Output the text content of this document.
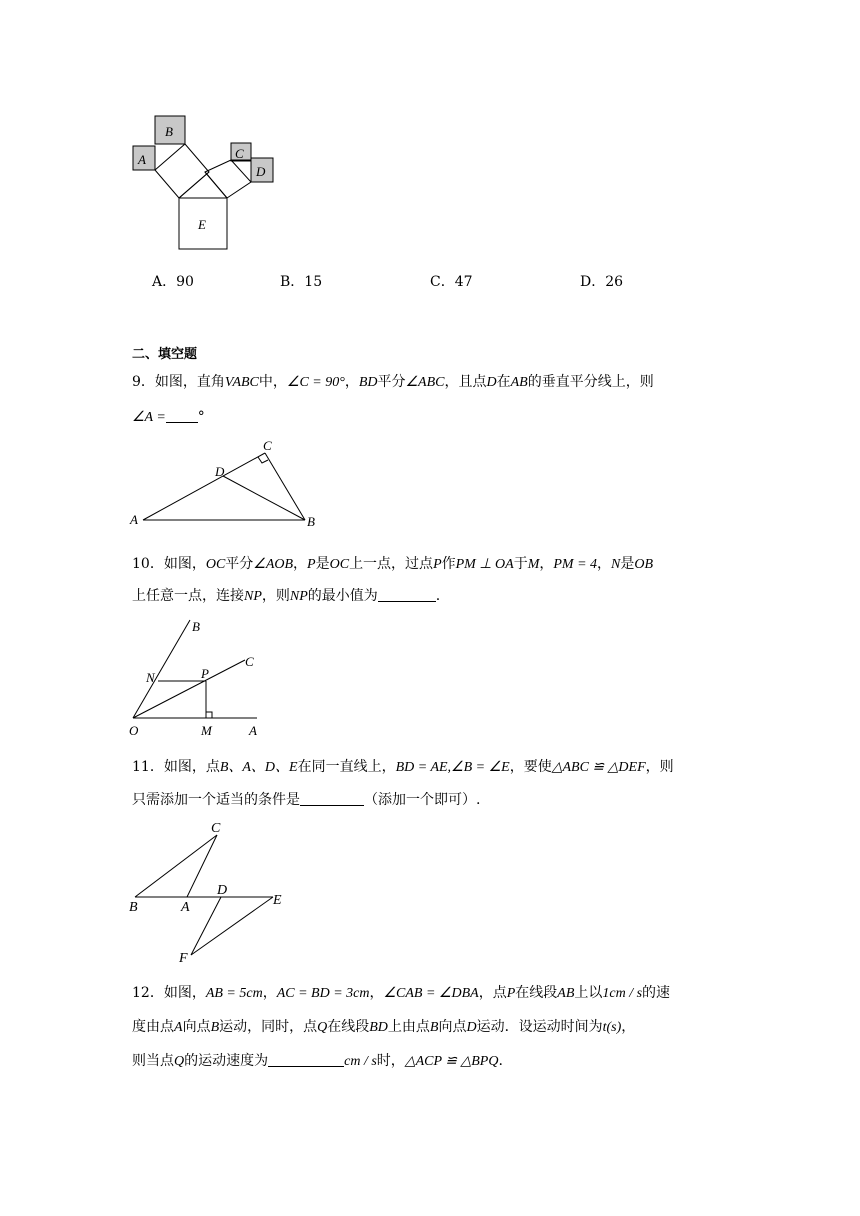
A
B
C
D
E
A．90	B．15	C．47	D．26
二、填空题
9．如图，直角VABC中，∠C = 90°，BD平分∠ABC，且点D在AB的垂直平分线上，则
∠A = °
A	B
C
D
10．如图，OC平分∠AOB，P是OC上一点，过点P作PM ⊥ OA于M，PM = 4，N是OB
上任意一点，连接NP，则NP的最小值为	.
O	M	A
B
C
N	P
11．如图，点B、A、D、E在同一直线上，BD = AE,∠B = ∠E，要使△ABC ≌ △DEF，则
只需添加一个适当的条件是	（添加一个即可）.
B	A
D
E
C
F
12．如图，AB = 5cm，AC = BD = 3cm，∠CAB = ∠DBA，点P在线段AB上以1cm / s的速
度由点A向点B运动，同时，点Q在线段BD上由点B向点D运动．设运动时间为t(s)，
则当点Q的运动速度为	cm / s时，△ACP ≌ △BPQ.
